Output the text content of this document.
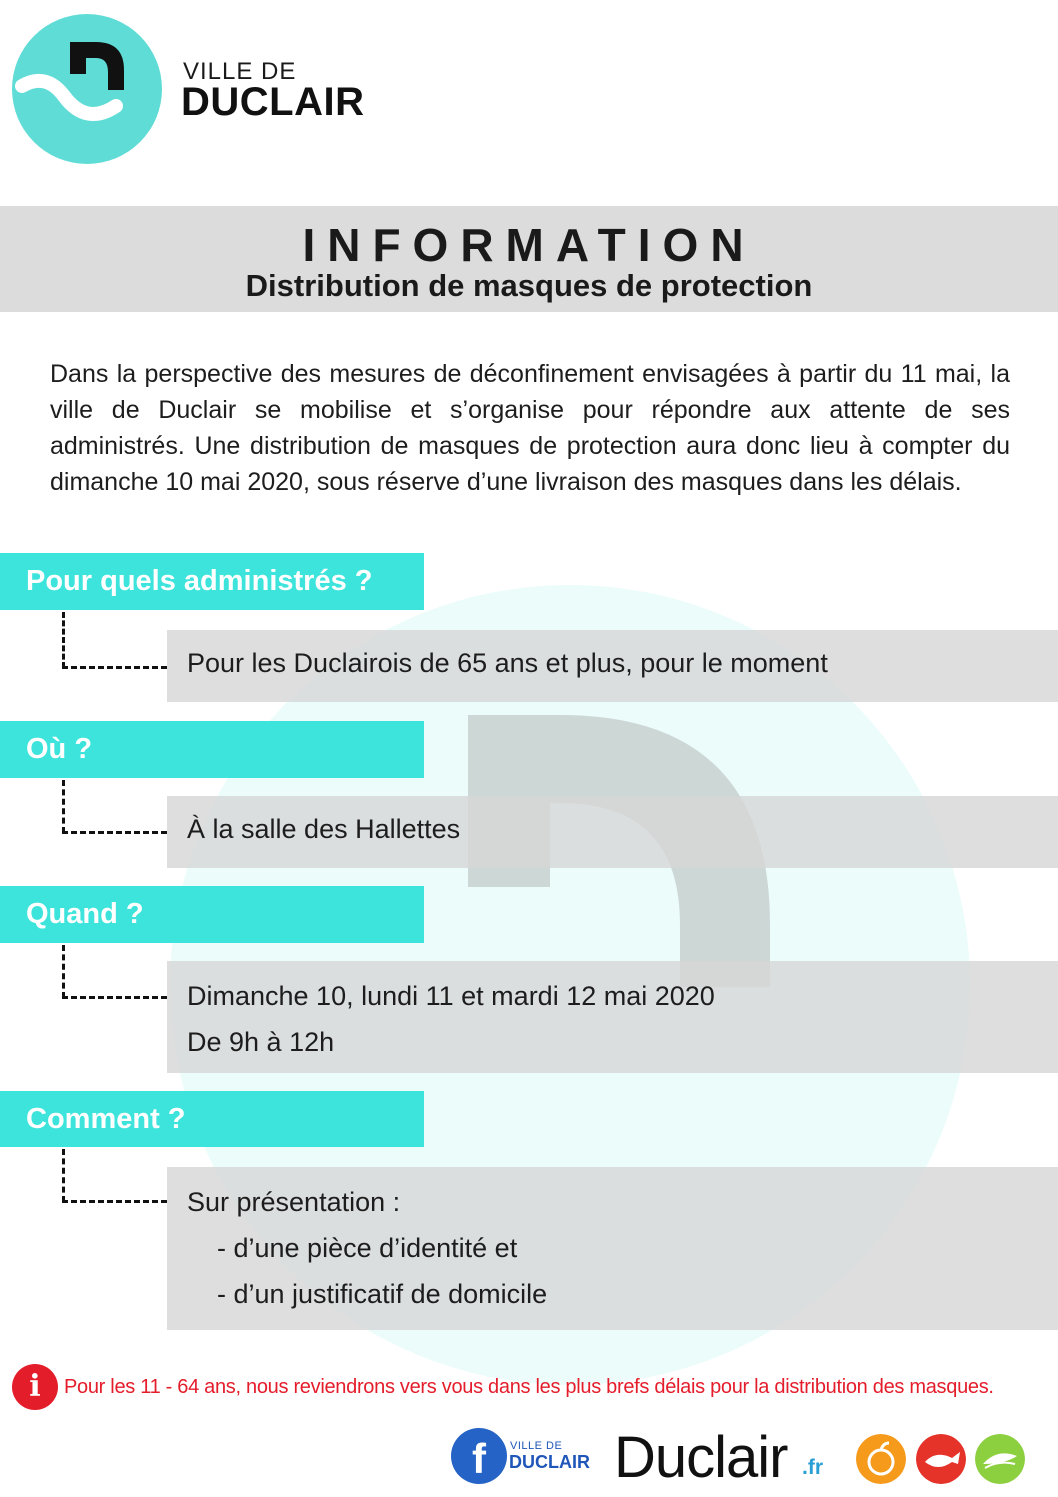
VILLE DE
DUCLAIR
INFORMATION
Distribution de masques de protection
Dans la perspective des mesures de déconfinement envisagées à partir du 11 mai, la ville de Duclair se mobilise et s’organise pour répondre aux attente de ses administrés. Une distribution de masques de protection aura donc lieu à compter du dimanche 10 mai 2020, sous réserve d’une livraison des masques dans les délais.
Pour quels administrés ?
Pour les Duclairois de 65 ans et plus, pour le moment
Où ?
À la salle des Hallettes
Quand ?
Dimanche 10, lundi 11 et mardi 12 mai 2020
De 9h à 12h
Comment ?
Sur présentation :
- d’une pièce d’identité et
- d’un justificatif de domicile
i	Pour les 11 - 64 ans, nous reviendrons vers vous dans les plus brefs délais pour la distribution des masques.
f	VILLE DE
DUCLAIR Duclair .fr
